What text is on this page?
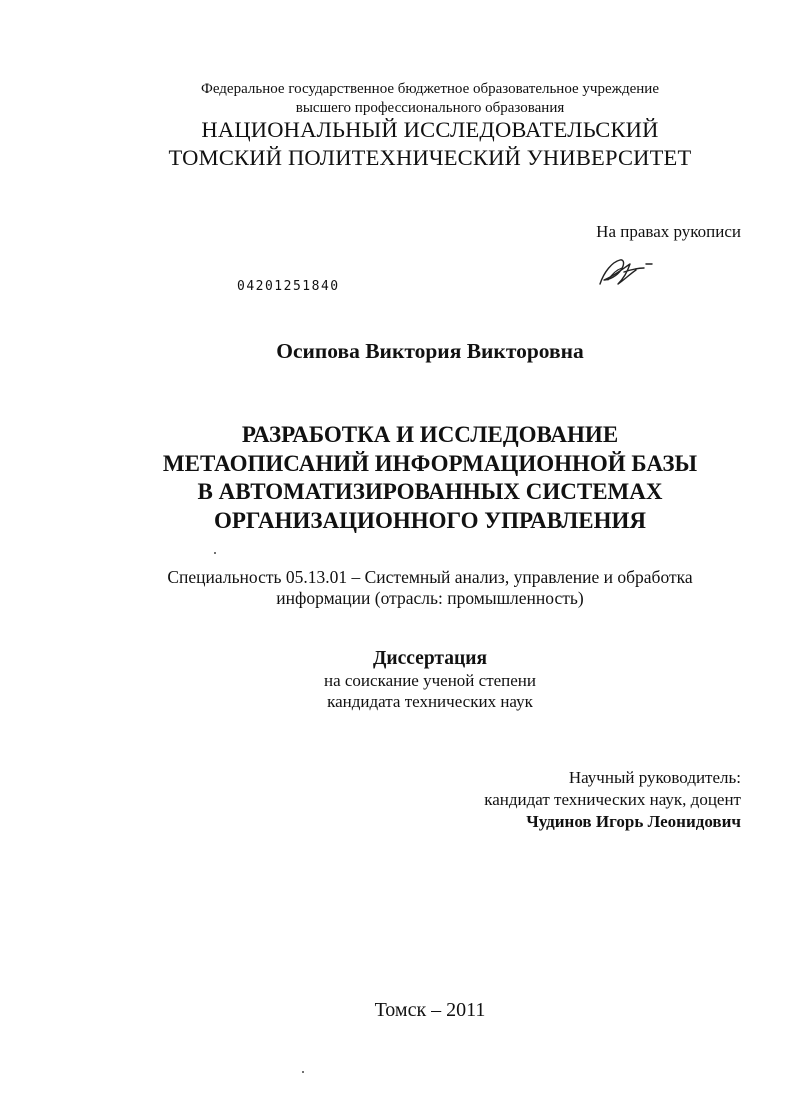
Федеральное государственное бюджетное образовательное учреждение
высшего профессионального образования
НАЦИОНАЛЬНЫЙ ИССЛЕДОВАТЕЛЬСКИЙ
ТОМСКИЙ ПОЛИТЕХНИЧЕСКИЙ УНИВЕРСИТЕТ
На правах рукописи
04201251840
Осипова Виктория Викторовна
РАЗРАБОТКА И ИССЛЕДОВАНИЕ
МЕТАОПИСАНИЙ ИНФОРМАЦИОННОЙ БАЗЫ
В АВТОМАТИЗИРОВАННЫХ СИСТЕМАХ
ОРГАНИЗАЦИОННОГО УПРАВЛЕНИЯ
Специальность 05.13.01 – Системный анализ, управление и обработка
информации (отрасль: промышленность)
Диссертация
на соискание ученой степени
кандидата технических наук
Научный руководитель:
кандидат технических наук, доцент
Чудинов Игорь Леонидович
Томск – 2011
